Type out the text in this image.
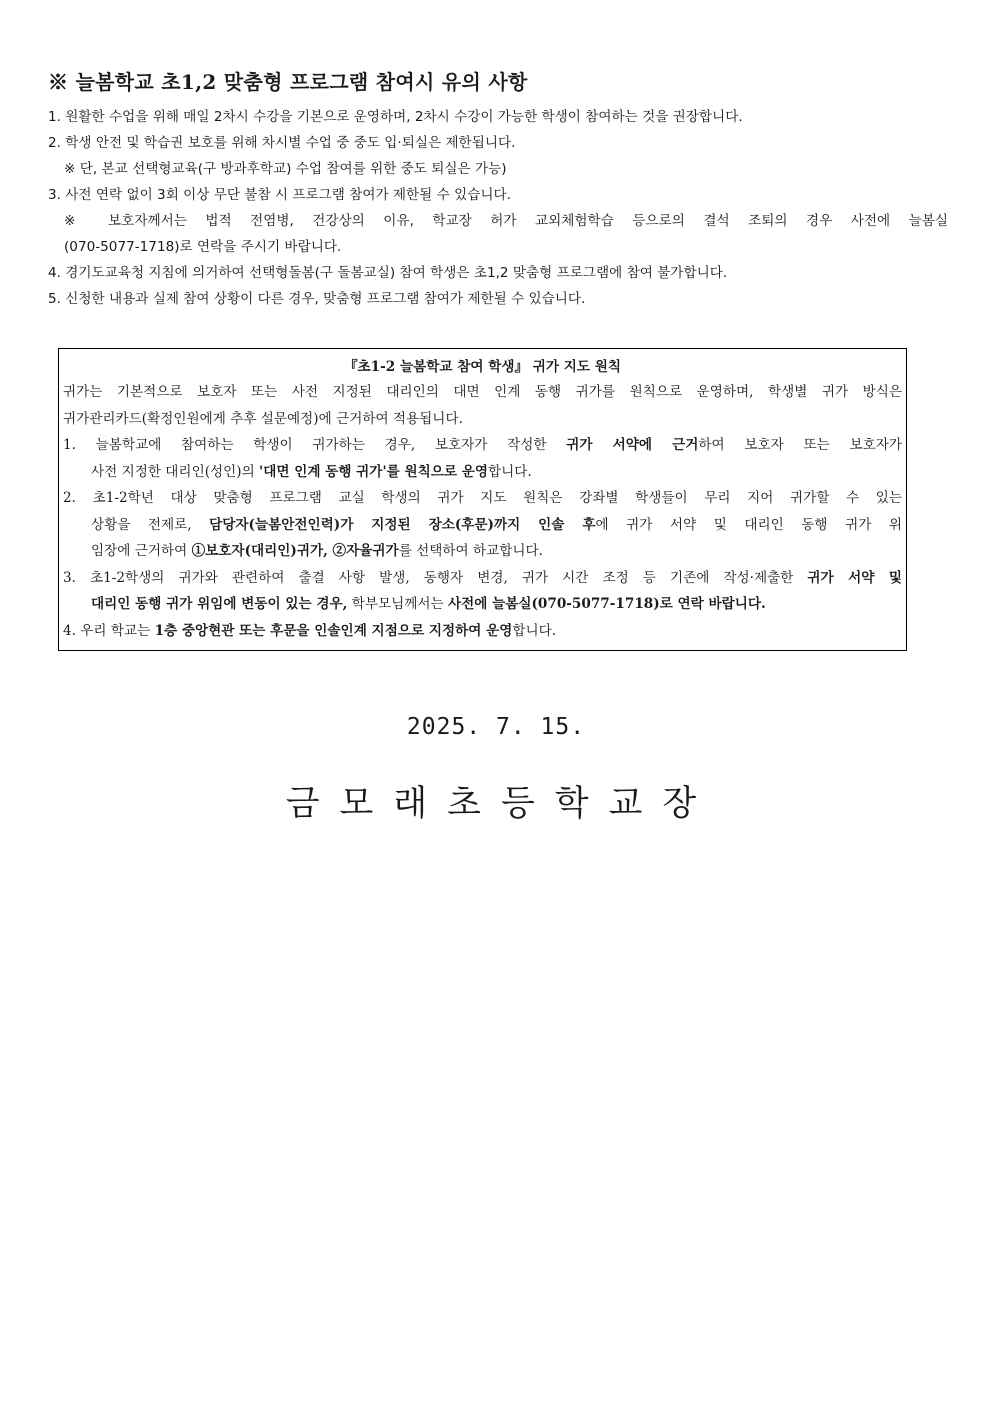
※ 늘봄학교 초1,2 맞춤형 프로그램 참여시 유의 사항
1. 원활한 수업을 위해 매일 2차시 수강을 기본으로 운영하며, 2차시 수강이 가능한 학생이 참여하는 것을 권장합니다.
2. 학생 안전 및 학습권 보호를 위해 차시별 수업 중 중도 입·퇴실은 제한됩니다.
※ 단, 본교 선택형교육(구 방과후학교) 수업 참여를 위한 중도 퇴실은 가능)
3. 사전 연락 없이 3회 이상 무단 불참 시 프로그램 참여가 제한될 수 있습니다.
※ 보호자께서는 법적 전염병, 건강상의 이유, 학교장 허가 교외체험학습 등으로의 결석 조퇴의 경우 사전에 늘봄실
(070-5077-1718)로 연락을 주시기 바랍니다.
4. 경기도교육청 지침에 의거하여 선택형돌봄(구 돌봄교실) 참여 학생은 초1,2 맞춤형 프로그램에 참여 불가합니다.
5. 신청한 내용과 실제 참여 상황이 다른 경우, 맞춤형 프로그램 참여가 제한될 수 있습니다.
『초1-2 늘봄학교 참여 학생』 귀가 지도 원칙
귀가는 기본적으로 보호자 또는 사전 지정된 대리인의 대면 인계 동행 귀가를 원칙으로 운영하며, 학생별 귀가 방식은
귀가관리카드(확정인원에게 추후 설문예정)에 근거하여 적용됩니다.
1. 늘봄학교에 참여하는 학생이 귀가하는 경우, 보호자가 작성한 귀가 서약에 근거하여 보호자 또는 보호자가
사전 지정한 대리인(성인)의 '대면 인계 동행 귀가'를 원칙으로 운영합니다.
2. 초1-2학년 대상 맞춤형 프로그램 교실 학생의 귀가 지도 원칙은 강좌별 학생들이 무리 지어 귀가할 수 있는
상황을 전제로, 담당자(늘봄안전인력)가 지정된 장소(후문)까지 인솔 후에 귀가 서약 및 대리인 동행 귀가 위
임장에 근거하여 ①보호자(대리인)귀가, ②자율귀가를 선택하여 하교합니다.
3. 초1-2학생의 귀가와 관련하여 출결 사항 발생, 동행자 변경, 귀가 시간 조정 등 기존에 작성·제출한 귀가 서약 및
대리인 동행 귀가 위임에 변동이 있는 경우, 학부모님께서는 사전에 늘봄실(070-5077-1718)로 연락 바랍니다.
4. 우리 학교는 1층 중앙현관 또는 후문을 인솔인계 지점으로 지정하여 운영합니다.
2025. 7. 15.
금모래초등학교장
